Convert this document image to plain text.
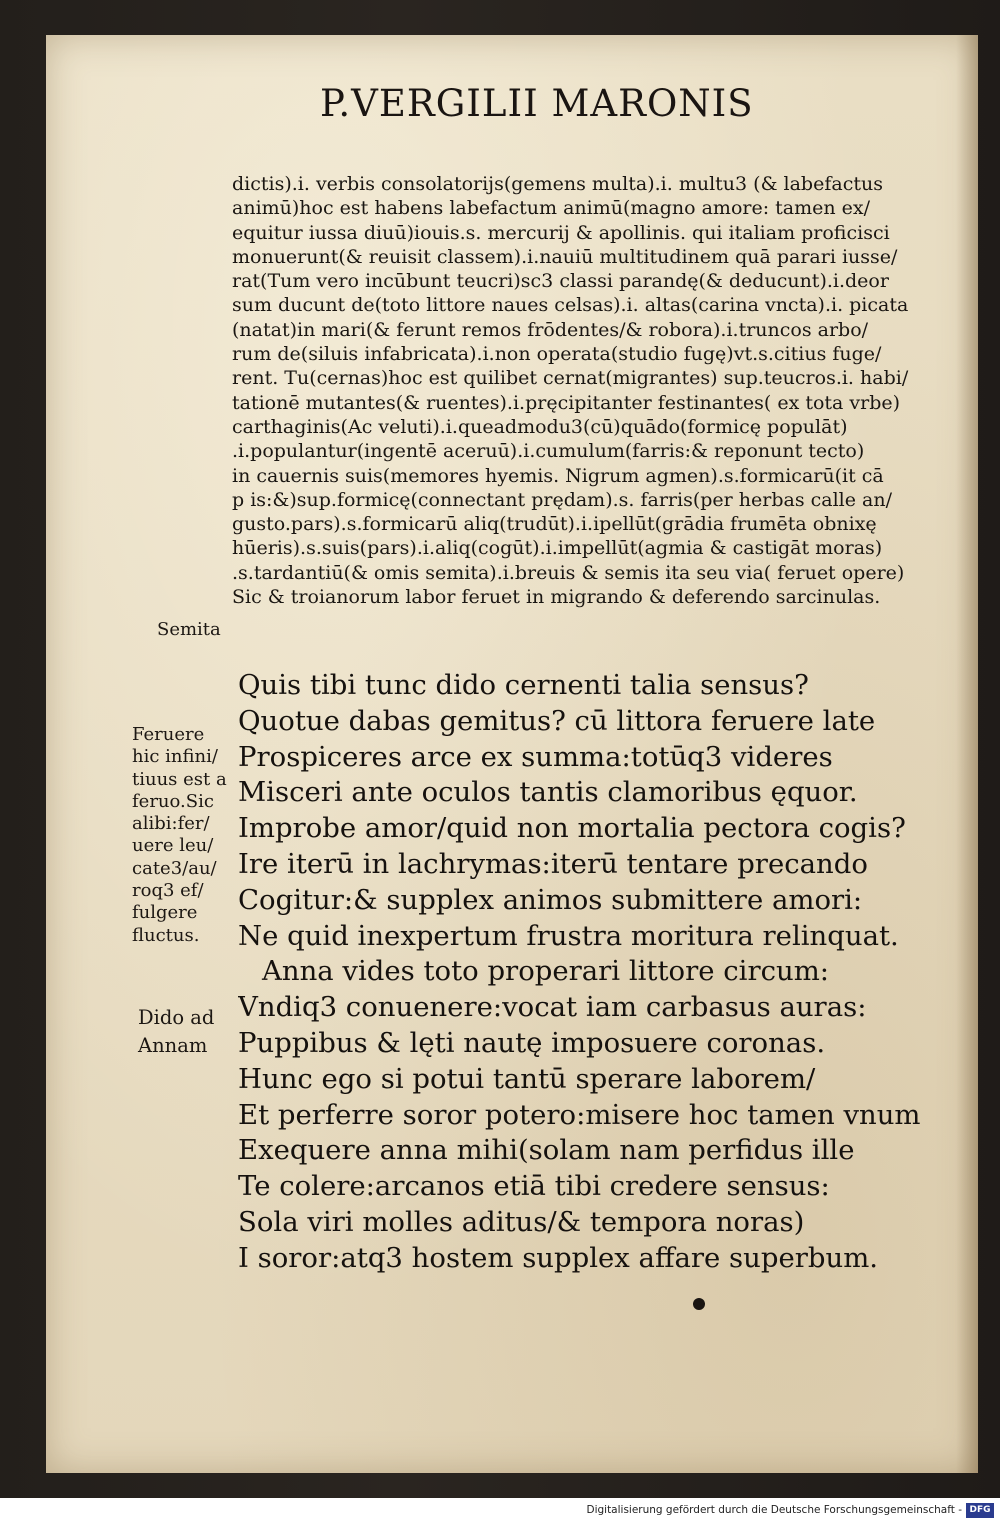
P.VERGILII MARONIS
dictis).i. verbis consolatorijs(gemens multa).i. multu3 (& labefactus
animū)hoc est habens labefactum animū(magno amore: tamen ex/
equitur iussa diuū)iouis.s. mercurij & apollinis. qui italiam proficisci
monuerunt(& reuisit classem).i.nauiū multitudinem quā parari iusse/
rat(Tum vero incūbunt teucri)sc3 classi parandę(& deducunt).i.deor
sum ducunt de(toto littore naues celsas).i. altas(carina vncta).i. picata
(natat)in mari(& ferunt remos frōdentes/& robora).i.truncos arbo/
rum de(siluis infabricata).i.non operata(studio fugę)vt.s.citius fuge/
rent. Tu(cernas)hoc est quilibet cernat(migrantes) sup.teucros.i. habi/
tationē mutantes(& ruentes).i.pręcipitanter festinantes( ex tota vrbe)
carthaginis(Ac veluti).i.queadmodu3(cū)quādo(formicę populāt)
.i.populantur(ingentē aceruū).i.cumulum(farris:& reponunt tecto)
in cauernis suis(memores hyemis. Nigrum agmen).s.formicarū(it cā
p is:&)sup.formicę(connectant prędam).s. farris(per herbas calle an/
gusto.pars).s.formicarū aliq(trudūt).i.ipellūt(grādia frumēta obnixę
hūeris).s.suis(pars).i.aliq(cogūt).i.impellūt(agmia & castigāt moras)
.s.tardantiū(& omis semita).i.breuis & semis ita seu via( feruet opere)
Sic & troianorum labor feruet in migrando & deferendo sarcinulas.
Quis tibi tunc dido cernenti talia sensus?
Quotue dabas gemitus? cū littora feruere late
Prospiceres arce ex summa:totūq3 videres
Misceri ante oculos tantis clamoribus ęquor.
Improbe amor/quid non mortalia pectora cogis?
Ire iterū in lachrymas:iterū tentare precando
Cogitur:& supplex animos submittere amori:
Ne quid inexpertum frustra moritura relinquat.
Anna vides toto properari littore circum:
Vndiq3 conuenere:vocat iam carbasus auras:
Puppibus & lęti nautę imposuere coronas.
Hunc ego si potui tantū sperare laborem/
Et perferre soror potero:misere hoc tamen vnum
Exequere anna mihi(solam nam perfidus ille
Te colere:arcanos etiā tibi credere sensus:
Sola viri molles aditus/& tempora noras)
I soror:atq3 hostem supplex affare superbum.
Semita
Feruere
hic infini/
tiuus est a
feruo.Sic
alibi:fer/
uere leu/
cate3/au/
roq3 ef/
fulgere
fluctus.
Dido ad
Annam
Digitalisierung gefördert durch die Deutsche Forschungsgemeinschaft - DFG
